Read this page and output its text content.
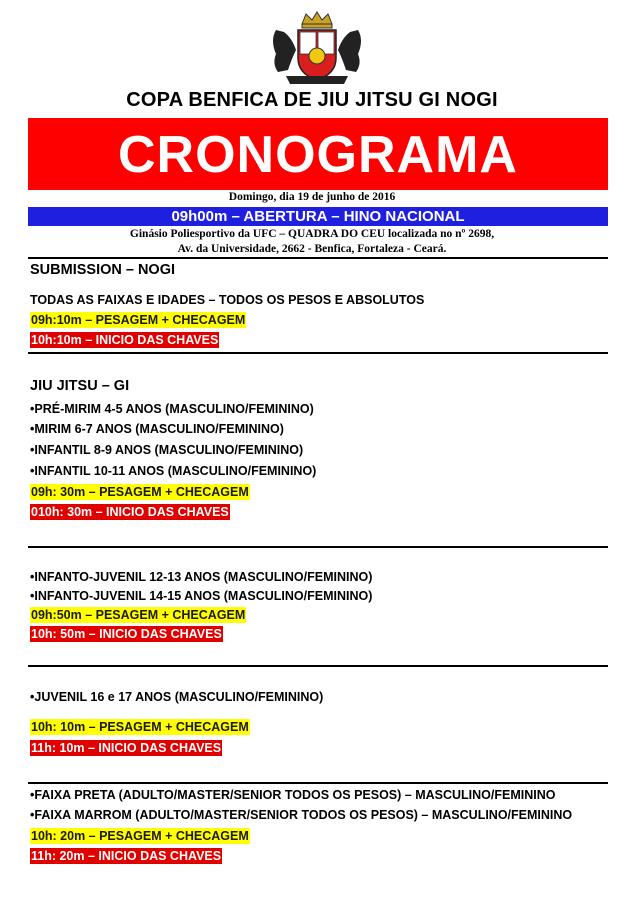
COPA BENFICA DE JIU JITSU GI NOGI
CRONOGRAMA
Domingo, dia 19 de junho de 2016
09h00m – ABERTURA – HINO NACIONAL
Ginásio Poliesportivo da UFC – QUADRA DO CEU localizada no nº 2698,
Av. da Universidade, 2662 - Benfica, Fortaleza - Ceará.
SUBMISSION – NOGI
TODAS AS FAIXAS E IDADES – TODOS OS PESOS E ABSOLUTOS
09h:10m – PESAGEM + CHECAGEM
10h:10m – INICIO DAS CHAVES
JIU JITSU – GI
•PRÉ-MIRIM 4-5 ANOS (MASCULINO/FEMININO)
•MIRIM 6-7 ANOS (MASCULINO/FEMININO)
•INFANTIL 8-9 ANOS (MASCULINO/FEMININO)
•INFANTIL 10-11 ANOS (MASCULINO/FEMININO)
09h: 30m – PESAGEM + CHECAGEM
010h: 30m – INICIO DAS CHAVES
•INFANTO-JUVENIL 12-13 ANOS (MASCULINO/FEMININO)
•INFANTO-JUVENIL 14-15 ANOS (MASCULINO/FEMININO)
09h:50m – PESAGEM + CHECAGEM
10h: 50m – INICIO DAS CHAVES
•JUVENIL 16 e 17 ANOS (MASCULINO/FEMININO)
10h: 10m – PESAGEM + CHECAGEM
11h: 10m – INICIO DAS CHAVES
•FAIXA PRETA (ADULTO/MASTER/SENIOR TODOS OS PESOS) – MASCULINO/FEMININO
•FAIXA MARROM (ADULTO/MASTER/SENIOR TODOS OS PESOS) – MASCULINO/FEMININO
10h: 20m – PESAGEM + CHECAGEM
11h: 20m – INICIO DAS CHAVES
